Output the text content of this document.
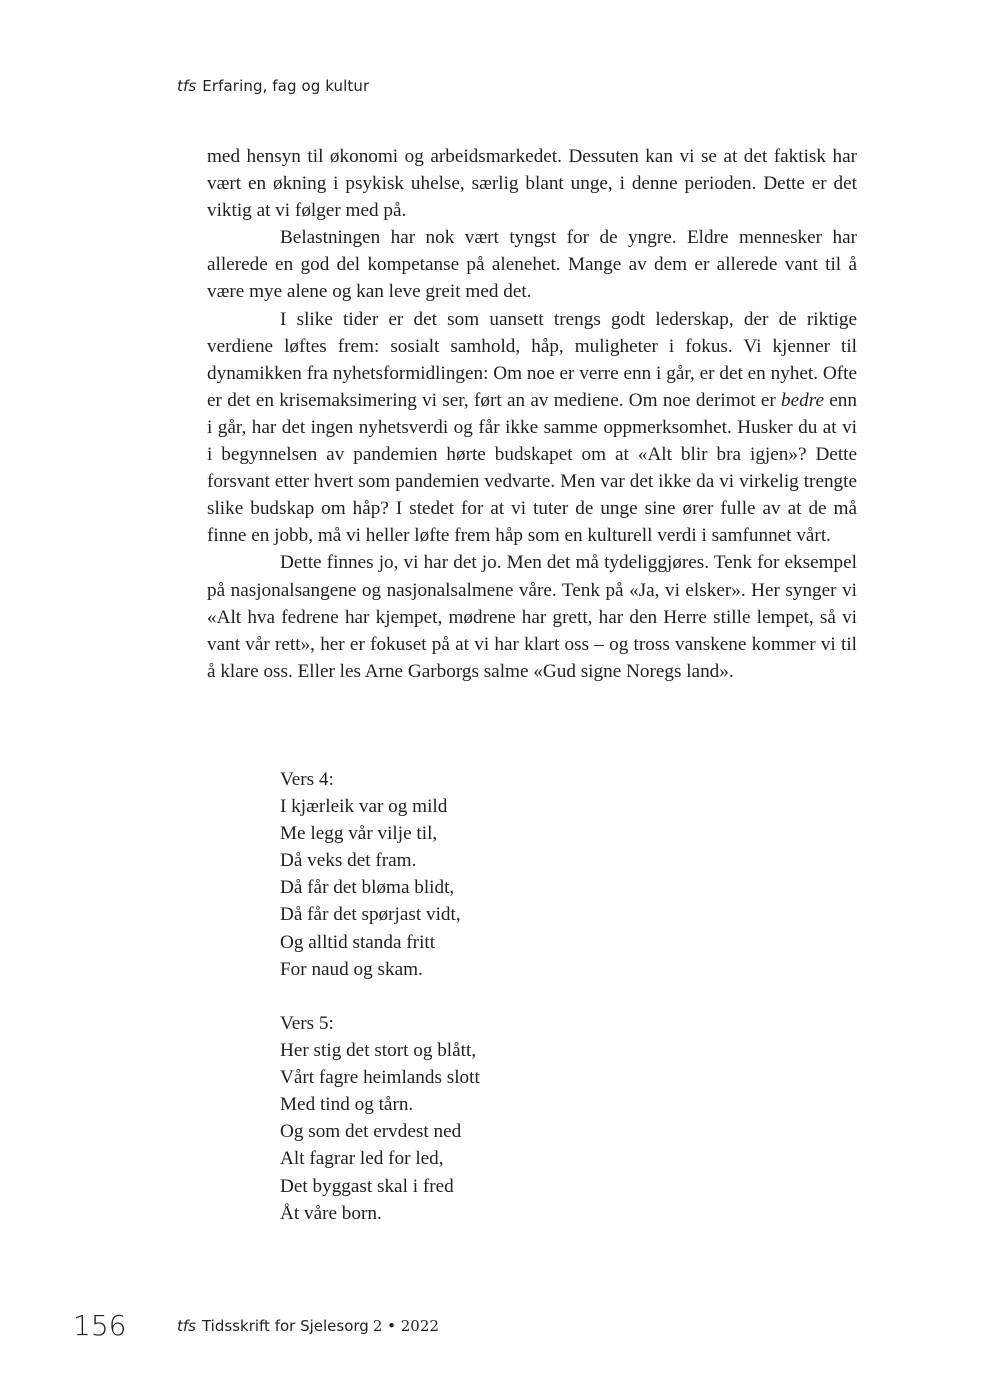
tfs Erfaring, fag og kultur

med hensyn til økonomi og arbeidsmarkedet. Dessuten kan vi se at det faktisk har vært en økning i psykisk uhelse, særlig blant unge, i denne perioden. Dette er det viktig at vi følger med på.

Belastningen har nok vært tyngst for de yngre. Eldre mennesker har allerede en god del kompetanse på alenehet. Mange av dem er allerede vant til å være mye alene og kan leve greit med det.

I slike tider er det som uansett trengs godt lederskap, der de riktige verdiene løftes frem: sosialt samhold, håp, muligheter i fokus. Vi kjenner til dynamikken fra nyhetsformidlingen: Om noe er verre enn i går, er det en nyhet. Ofte er det en krisemaksimering vi ser, ført an av mediene. Om noe derimot er bedre enn i går, har det ingen nyhetsverdi og får ikke samme oppmerksomhet. Husker du at vi i begynnelsen av pandemien hørte budskapet om at «Alt blir bra igjen»? Dette forsvant etter hvert som pandemien vedvarte. Men var det ikke da vi virkelig trengte slike budskap om håp? I stedet for at vi tuter de unge sine ører fulle av at de må finne en jobb, må vi heller løfte frem håp som en kulturell verdi i samfunnet vårt.

Dette finnes jo, vi har det jo. Men det må tydeliggjøres. Tenk for eksempel på nasjonalsangene og nasjonalsalmene våre. Tenk på «Ja, vi elsker». Her synger vi «Alt hva fedrene har kjempet, mødrene har grett, har den Herre stille lempet, så vi vant vår rett», her er fokuset på at vi har klart oss – og tross vanskene kommer vi til å klare oss. Eller les Arne Garborgs salme «Gud signe Noregs land».

Vers 4:
I kjærleik var og mild
Me legg vår vilje til,
Då veks det fram.
Då får det bløma blidt,
Då får det spørjast vidt,
Og alltid standa fritt
For naud og skam.
Vers 5:
Her stig det stort og blått,
Vårt fagre heimlands slott
Med tind og tårn.
Og som det ervdest ned
Alt fagrar led for led,
Det byggast skal i fred
Åt våre born.
156	tfs Tidsskrift for Sjelesorg 2 • 2022
